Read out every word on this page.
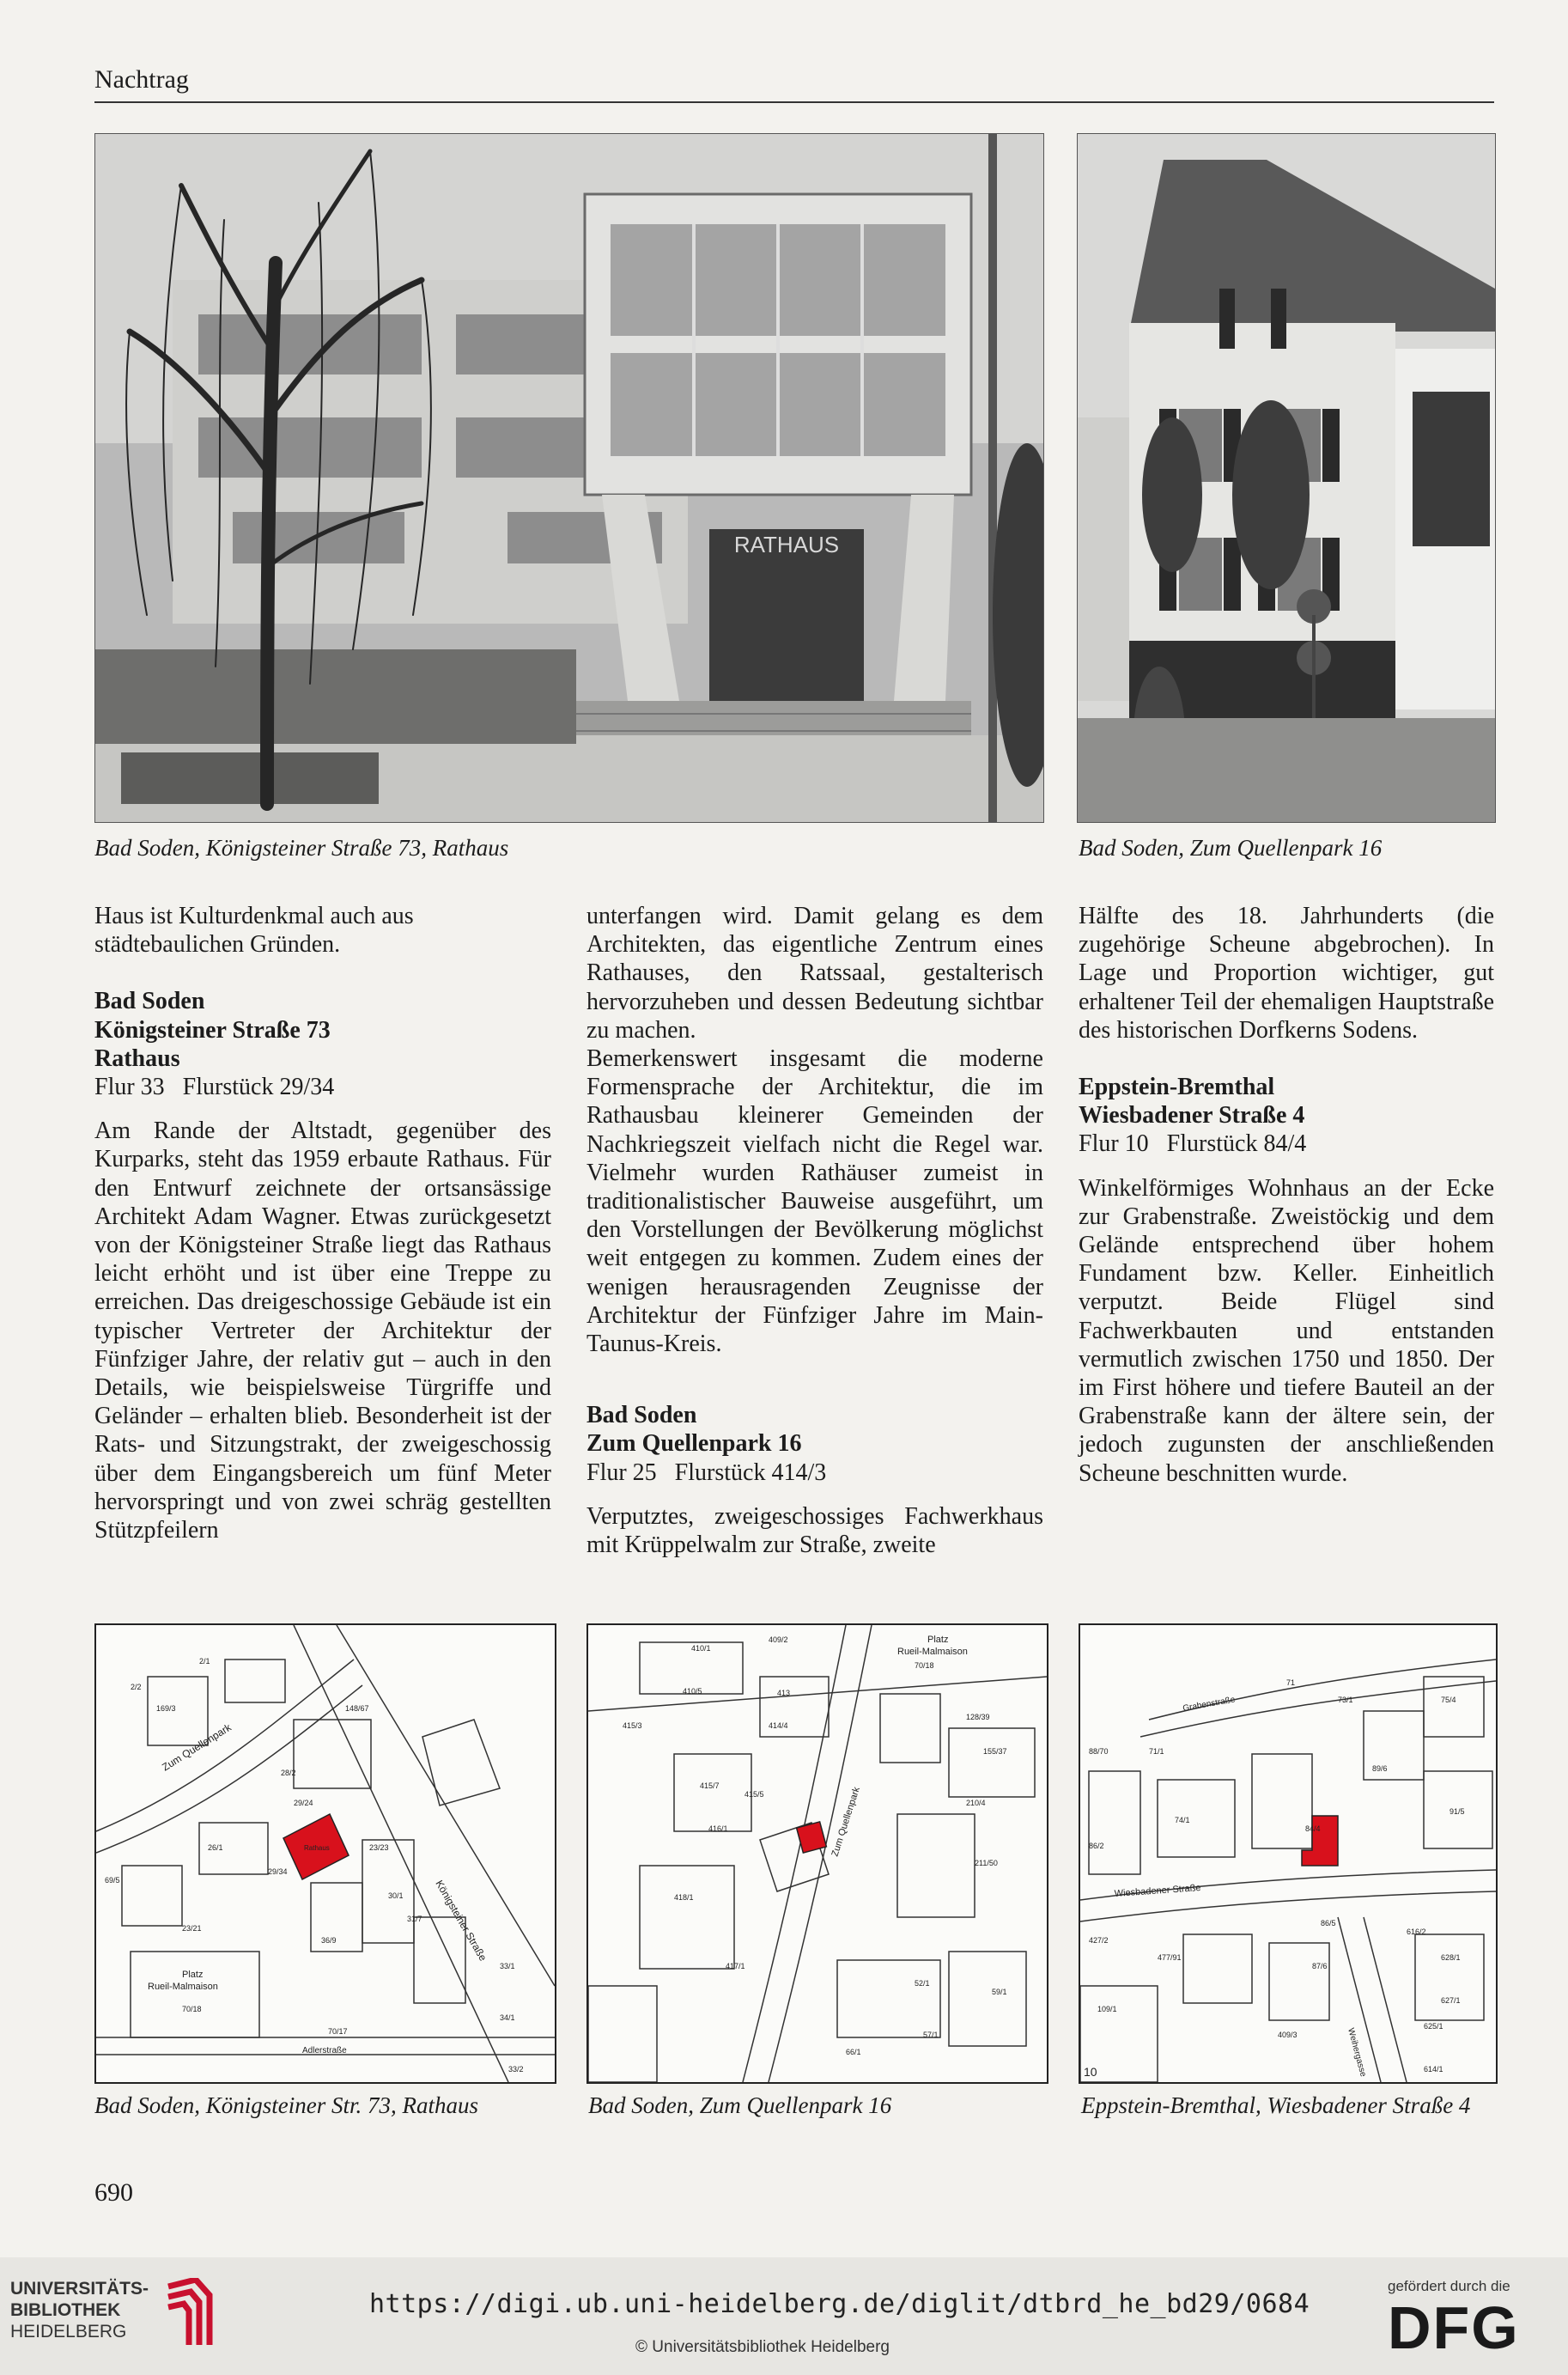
Nachtrag
RATHAUS
Bad Soden, Königsteiner Straße 73, Rathaus	Bad Soden, Zum Quellenpark 16

Haus ist Kulturdenkmal auch aus städtebaulichen Gründen.

Bad Soden

Königsteiner Straße 73

Rathaus

Flur 33   Flurstück 29/34

Am Rande der Altstadt, gegenüber des Kurparks, steht das 1959 erbaute Rathaus. Für den Entwurf zeichnete der ortsansässige Architekt Adam Wagner. Etwas zurückgesetzt von der Königsteiner Straße liegt das Rathaus leicht erhöht und ist über eine Treppe zu erreichen. Das dreigeschossige Gebäude ist ein typischer Vertreter der Architektur der Fünfziger Jahre, der relativ gut – auch in den Details, wie beispielsweise Türgriffe und Geländer – erhalten blieb. Besonderheit ist der Rats- und Sitzungstrakt, der zweigeschossig über dem Eingangsbereich um fünf Meter hervorspringt und von zwei schräg gestellten Stützpfeilern

unterfangen wird. Damit gelang es dem Architekten, das eigentliche Zentrum eines Rathauses, den Ratssaal, gestalterisch hervorzuheben und dessen Bedeutung sichtbar zu machen.

Bemerkenswert insgesamt die moderne Formensprache der Architektur, die im Rathausbau kleinerer Gemeinden der Nachkriegszeit vielfach nicht die Regel war. Vielmehr wurden Rathäuser zumeist in traditionalistischer Bauweise ausgeführt, um den Vorstellungen der Bevölkerung möglichst weit entgegen zu kommen. Zudem eines der wenigen herausragenden Zeugnisse der Architektur der Fünfziger Jahre im Main-Taunus-Kreis.

Bad Soden

Zum Quellenpark 16

Flur 25   Flurstück 414/3

Verputztes, zweigeschossiges Fachwerkhaus mit Krüppelwalm zur Straße, zweite

Hälfte des 18. Jahrhunderts (die zugehörige Scheune abgebrochen). In Lage und Proportion wichtiger, gut erhaltener Teil der ehemaligen Hauptstraße des historischen Dorfkerns Sodens.

Eppstein-Bremthal

Wiesbadener Straße 4

Flur 10   Flurstück 84/4

Winkelförmiges Wohnhaus an der Ecke zur Grabenstraße. Zweistöckig und dem Gelände entsprechend über hohem Fundament bzw. Keller. Einheitlich verputzt. Beide Flügel sind Fachwerkbauten und entstanden vermutlich zwischen 1750 und 1850. Der im First höhere und tiefere Bauteil an der Grabenstraße kann der ältere sein, der jedoch zugunsten der anschließenden Scheune beschnitten wurde.

Rathaus
Zum Quellenpark
Königsteiner Straße
Platz
Rueil-Malmaison
Adlerstraße
29/34
28/2
29/24
23/23
26/1
30/1
31/7
36/9
33/1
34/1
33/2
70/17
70/18
23/21
69/5
148/67
169/3
2/1
2/2
Platz
Rueil-Malmaison
Zum Quellenpark
409/2
410/1
410/5	413
414/4
415/3
415/7
415/5
416/1
418/1
417/1
128/39
155/37
210/4
211/50
52/1
57/1
66/1
59/1
70/18
Grabenstraße
Wiesbadener Straße
Weihergasse
71
73/1	75/4
71/1
84/4
74/1
86/5
87/6
89/6
91/5
88/70
86/2
427/2
477/91
109/1
409/3
616/2
628/1
627/1
625/1
614/1
10
Bad Soden, Königsteiner Str. 73, Rathaus	Bad Soden, Zum Quellenpark 16	Eppstein-Bremthal, Wiesbadener Straße 4
690
UNIVERSITÄTS-
BIBLIOTHEK
HEIDELBERG
https://digi.ub.uni-heidelberg.de/diglit/dtbrd_he_bd29/0684
© Universitätsbibliothek Heidelberg
gefördert durch die
DFG
